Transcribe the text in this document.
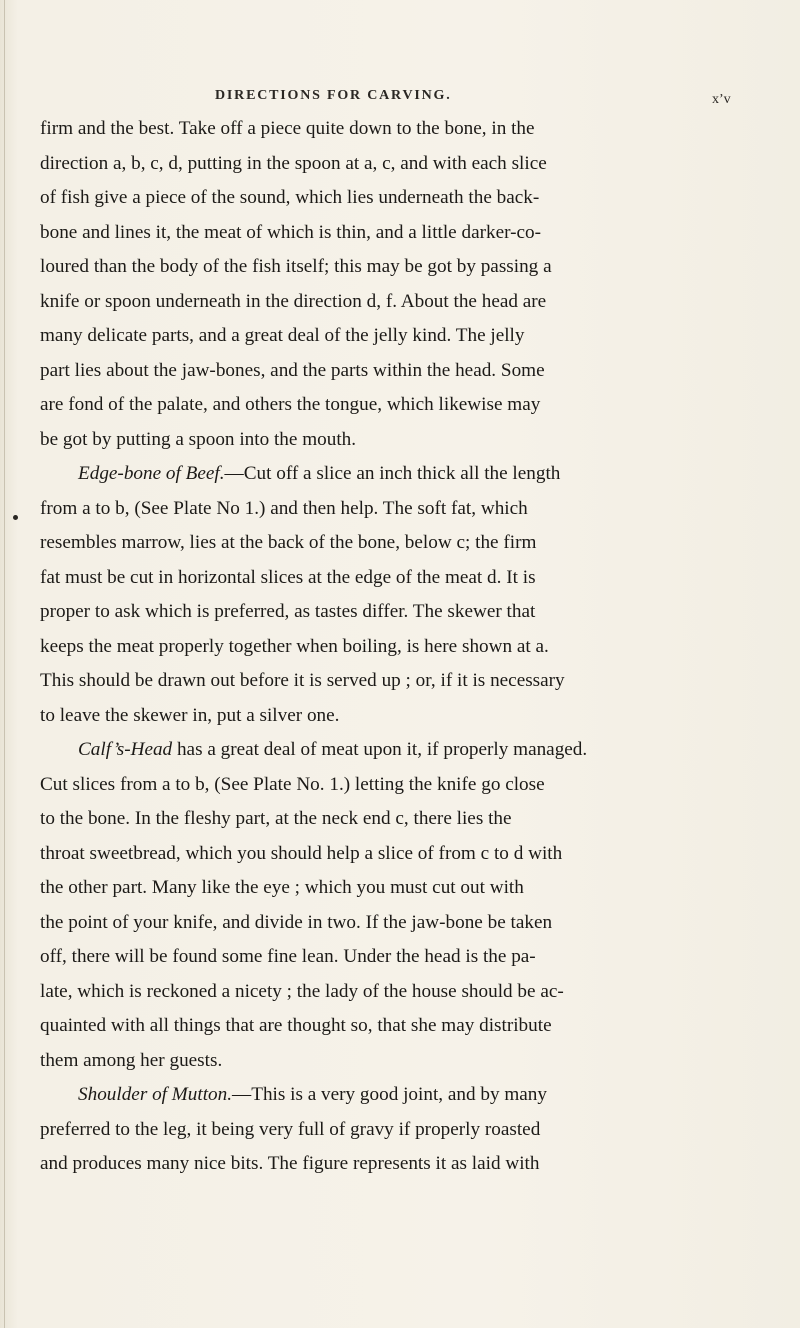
DIRECTIONS FOR CARVING.	x’v
firm and the best. Take off a piece quite down to the bone, in the
direction a, b, c, d, putting in the spoon at a, c, and with each slice
of fish give a piece of the sound, which lies underneath the back-
bone and lines it, the meat of which is thin, and a little darker-co-
loured than the body of the fish itself; this may be got by passing a
knife or spoon underneath in the direction d, f. About the head are
many delicate parts, and a great deal of the jelly kind. The jelly
part lies about the jaw-bones, and the parts within the head. Some
are fond of the palate, and others the tongue, which likewise may
be got by putting a spoon into the mouth.
Edge-bone of Beef.—Cut off a slice an inch thick all the length
from a to b, (See Plate No 1.) and then help. The soft fat, which
resembles marrow, lies at the back of the bone, below c; the firm
fat must be cut in horizontal slices at the edge of the meat d. It is
proper to ask which is preferred, as tastes differ. The skewer that
keeps the meat properly together when boiling, is here shown at a.
This should be drawn out before it is served up ; or, if it is necessary
to leave the skewer in, put a silver one.
Calf’s-Head has a great deal of meat upon it, if properly managed.
Cut slices from a to b, (See Plate No. 1.) letting the knife go close
to the bone. In the fleshy part, at the neck end c, there lies the
throat sweetbread, which you should help a slice of from c to d with
the other part. Many like the eye ; which you must cut out with
the point of your knife, and divide in two. If the jaw-bone be taken
off, there will be found some fine lean. Under the head is the pa-
late, which is reckoned a nicety ; the lady of the house should be ac-
quainted with all things that are thought so, that she may distribute
them among her guests.
Shoulder of Mutton.—This is a very good joint, and by many
preferred to the leg, it being very full of gravy if properly roasted
and produces many nice bits. The figure represents it as laid with
